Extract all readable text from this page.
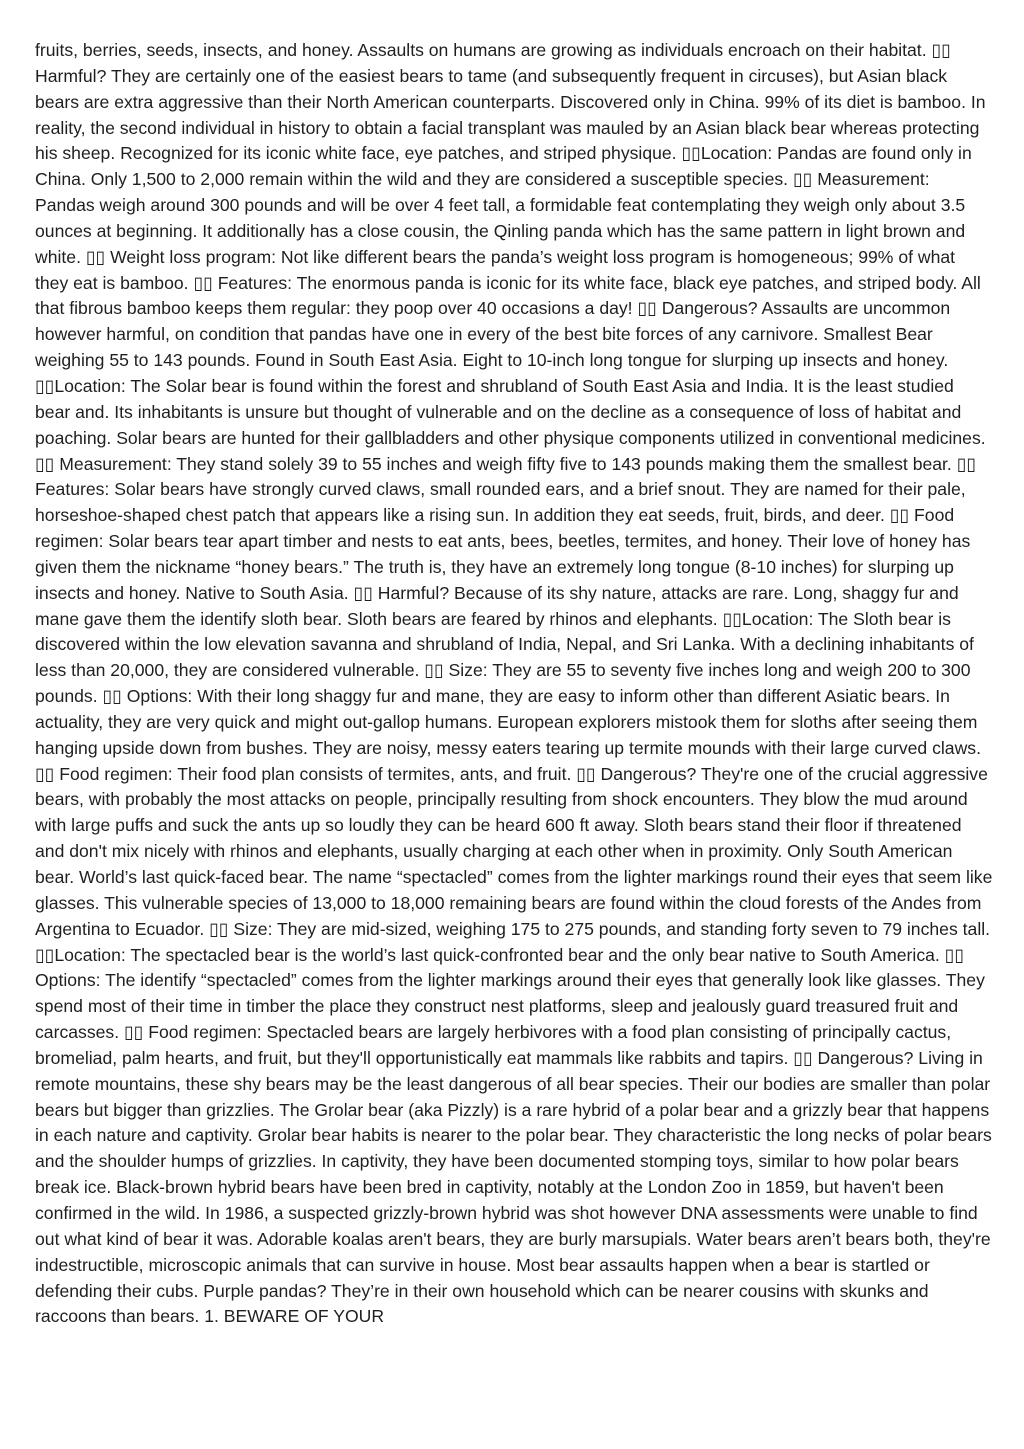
fruits, berries, seeds, insects, and honey. Assaults on humans are growing as individuals encroach on their habitat. ▯▯ Harmful? They are certainly one of the easiest bears to tame (and subsequently frequent in circuses), but Asian black bears are extra aggressive than their North American counterparts. Discovered only in China. 99% of its diet is bamboo. In reality, the second individual in history to obtain a facial transplant was mauled by an Asian black bear whereas protecting his sheep. Recognized for its iconic white face, eye patches, and striped physique. ▯▯Location: Pandas are found only in China. Only 1,500 to 2,000 remain within the wild and they are considered a susceptible species. ▯▯ Measurement: Pandas weigh around 300 pounds and will be over 4 feet tall, a formidable feat contemplating they weigh only about 3.5 ounces at beginning. It additionally has a close cousin, the Qinling panda which has the same pattern in light brown and white. ▯▯ Weight loss program: Not like different bears the panda’s weight loss program is homogeneous; 99% of what they eat is bamboo. ▯▯ Features: The enormous panda is iconic for its white face, black eye patches, and striped body. All that fibrous bamboo keeps them regular: they poop over 40 occasions a day! ▯▯ Dangerous? Assaults are uncommon however harmful, on condition that pandas have one in every of the best bite forces of any carnivore. Smallest Bear weighing 55 to 143 pounds. Found in South East Asia. Eight to 10-inch long tongue for slurping up insects and honey. ▯▯Location: The Solar bear is found within the forest and shrubland of South East Asia and India. It is the least studied bear and. Its inhabitants is unsure but thought of vulnerable and on the decline as a consequence of loss of habitat and poaching. Solar bears are hunted for their gallbladders and other physique components utilized in conventional medicines. ▯▯ Measurement: They stand solely 39 to 55 inches and weigh fifty five to 143 pounds making them the smallest bear. ▯▯ Features: Solar bears have strongly curved claws, small rounded ears, and a brief snout. They are named for their pale, horseshoe-shaped chest patch that appears like a rising sun. In addition they eat seeds, fruit, birds, and deer. ▯▯ Food regimen: Solar bears tear apart timber and nests to eat ants, bees, beetles, termites, and honey. Their love of honey has given them the nickname “honey bears.” The truth is, they have an extremely long tongue (8-10 inches) for slurping up insects and honey. Native to South Asia. ▯▯ Harmful? Because of its shy nature, attacks are rare. Long, shaggy fur and mane gave them the identify sloth bear. Sloth bears are feared by rhinos and elephants. ▯▯Location: The Sloth bear is discovered within the low elevation savanna and shrubland of India, Nepal, and Sri Lanka. With a declining inhabitants of less than 20,000, they are considered vulnerable. ▯▯ Size: They are 55 to seventy five inches long and weigh 200 to 300 pounds. ▯▯ Options: With their long shaggy fur and mane, they are easy to inform other than different Asiatic bears. In actuality, they are very quick and might out-gallop humans. European explorers mistook them for sloths after seeing them hanging upside down from bushes. They are noisy, messy eaters tearing up termite mounds with their large curved claws. ▯▯ Food regimen: Their food plan consists of termites, ants, and fruit. ▯▯ Dangerous? They're one of the crucial aggressive bears, with probably the most attacks on people, principally resulting from shock encounters. They blow the mud around with large puffs and suck the ants up so loudly they can be heard 600 ft away. Sloth bears stand their floor if threatened and don't mix nicely with rhinos and elephants, usually charging at each other when in proximity. Only South American bear. World’s last quick-faced bear. The name “spectacled” comes from the lighter markings round their eyes that seem like glasses. This vulnerable species of 13,000 to 18,000 remaining bears are found within the cloud forests of the Andes from Argentina to Ecuador. ▯▯ Size: They are mid-sized, weighing 175 to 275 pounds, and standing forty seven to 79 inches tall. ▯▯Location: The spectacled bear is the world’s last quick-confronted bear and the only bear native to South America. ▯▯ Options: The identify “spectacled” comes from the lighter markings around their eyes that generally look like glasses. They spend most of their time in timber the place they construct nest platforms, sleep and jealously guard treasured fruit and carcasses. ▯▯ Food regimen: Spectacled bears are largely herbivores with a food plan consisting of principally cactus, bromeliad, palm hearts, and fruit, but they'll opportunistically eat mammals like rabbits and tapirs. ▯▯ Dangerous? Living in remote mountains, these shy bears may be the least dangerous of all bear species. Their our bodies are smaller than polar bears but bigger than grizzlies. The Grolar bear (aka Pizzly) is a rare hybrid of a polar bear and a grizzly bear that happens in each nature and captivity. Grolar bear habits is nearer to the polar bear. They characteristic the long necks of polar bears and the shoulder humps of grizzlies. In captivity, they have been documented stomping toys, similar to how polar bears break ice. Black-brown hybrid bears have been bred in captivity, notably at the London Zoo in 1859, but haven't been confirmed in the wild. In 1986, a suspected grizzly-brown hybrid was shot however DNA assessments were unable to find out what kind of bear it was. Adorable koalas aren't bears, they are burly marsupials. Water bears aren’t bears both, they're indestructible, microscopic animals that can survive in house. Most bear assaults happen when a bear is startled or defending their cubs. Purple pandas? They’re in their own household which can be nearer cousins with skunks and raccoons than bears. 1. BEWARE OF YOUR
